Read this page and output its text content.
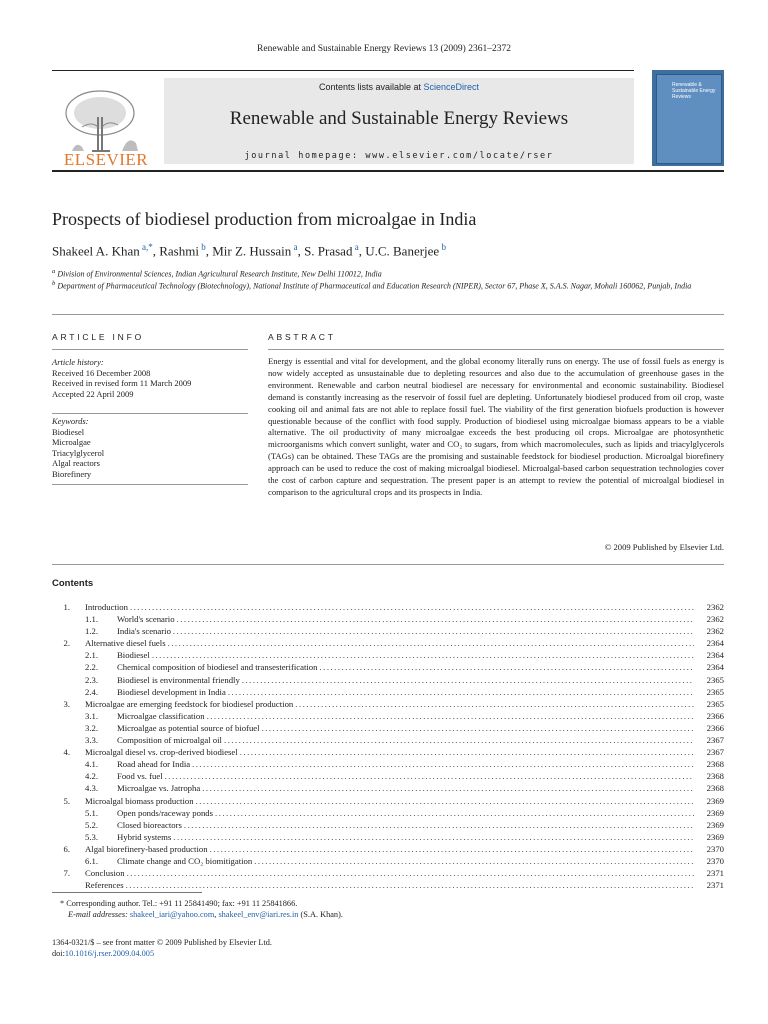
Renewable and Sustainable Energy Reviews 13 (2009) 2361–2372
ELSEVIER
Contents lists available at ScienceDirect
Renewable and Sustainable Energy Reviews
journal homepage: www.elsevier.com/locate/rser
Renewable & Sustainable Energy Reviews
Prospects of biodiesel production from microalgae in India
Shakeel A. Khan $^{a,*}$, Rashmi $^b$, Mir Z. Hussain $^a$, S. Prasad $^a$, U.C. Banerjee $^b$
$^a$ Division of Environmental Sciences, Indian Agricultural Research Institute, New Delhi 110012, India
$^b$ Department of Pharmaceutical Technology (Biotechnology), National Institute of Pharmaceutical and Education Research (NIPER), Sector 67, Phase X, S.A.S. Nagar, Mohali 160062, Punjab, India
ARTICLE INFO	ABSTRACT
Article history:
Received 16 December 2008
Received in revised form 11 March 2009
Accepted 22 April 2009
Keywords:
Biodiesel
Microalgae
Triacylglycerol
Algal reactors
Biorefinery
Energy is essential and vital for development, and the global economy literally runs on energy. The use of fossil fuels as energy is now widely accepted as unsustainable due to depleting resources and also due to the accumulation of greenhouse gases in the environment. Renewable and carbon neutral biodiesel are necessary for environmental and economic sustainability. Biodiesel demand is constantly increasing as the reservoir of fossil fuel are depleting. Unfortunately biodiesel produced from oil crop, waste cooking oil and animal fats are not able to replace fossil fuel. The viability of the first generation biofuels production is however questionable because of the conflict with food supply. Production of biodiesel using microalgae biomass appears to be a viable alternative. The oil productivity of many microalgae exceeds the best producing oil crops. Microalgae are photosynthetic microorganisms which convert sunlight, water and CO₂ to sugars, from which macromolecules, such as lipids and triacylglycerols (TAGs) can be obtained. These TAGs are the promising and sustainable feedstock for biodiesel production. Microalgal biorefinery approach can be used to reduce the cost of making microalgal biodiesel. Microalgal-based carbon sequestration technologies cover the cost of carbon capture and sequestration. The present paper is an attempt to review the potential of microalgal biodiesel in comparison to the agricultural crops and its prospects in India.
© 2009 Published by Elsevier Ltd.
Contents
1. Introduction .....	2362
1.1.	World's scenario .....	2362
1.2.	India's scenario .....	2362
2. Alternative diesel fuels .....	2364
2.1.	Biodiesel .....	2364
2.2.	Chemical composition of biodiesel and transesterification .....	2364
2.3.	Biodiesel is environmental friendly .....	2365
2.4.	Biodiesel development in India .....	2365
3. Microalgae are emerging feedstock for biodiesel production .....	2365
3.1.	Microalgae classification .....	2366
3.2.	Microalgae as potential source of biofuel .....	2366
3.3.	Composition of microalgal oil .....	2367
4. Microalgal diesel vs. crop-derived biodiesel .....	2367
4.1.	Road ahead for India .....	2368
4.2.	Food vs. fuel .....	2368
4.3.	Microalgae vs. Jatropha .....	2368
5. Microalgal biomass production .....	2369
5.1.	Open ponds/raceway ponds .....	2369
5.2.	Closed bioreactors .....	2369
5.3.	Hybrid systems .....	2369
6. Algal biorefinery-based production .....	2370
6.1.	Climate change and CO₂ biomitigation .....	2370
7. Conclusion .....	2371
References .....	2371
* Corresponding author. Tel.: +91 11 25841490; fax: +91 11 25841866.
E-mail addresses: shakeel_iari@yahoo.com, shakeel_env@iari.res.in (S.A. Khan).
1364-0321/$ – see front matter © 2009 Published by Elsevier Ltd.
doi:10.1016/j.rser.2009.04.005
